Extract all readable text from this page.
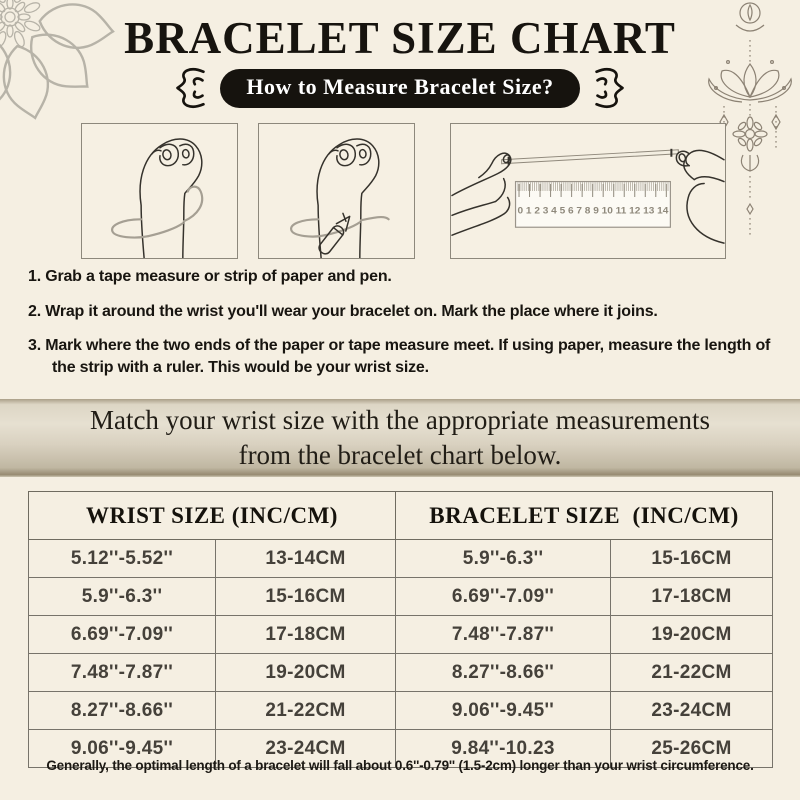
BRACELET SIZE CHART
How to Measure Bracelet Size?
0 1 2 3 4 5 6 7 8 9 10 11 12 13 14

1. Grab a tape measure or strip of paper and pen.

2. Wrap it around the wrist you'll wear your bracelet on. Mark the place where it joins.

3. Mark where the two ends of the paper or tape measure meet. If using paper, measure the length of the strip with a ruler. This would be your wrist size.

Match your wrist size with the appropriate measurements
from the bracelet chart below.
WRIST SIZE (INC/CM)		BRACELET SIZE  (INC/CM)	
5.12''-5.52''	13-14CM	5.9''-6.3''	15-16CM
5.9''-6.3''	15-16CM	6.69''-7.09''	17-18CM
6.69''-7.09''	17-18CM	7.48''-7.87''	19-20CM
7.48''-7.87''	19-20CM	8.27''-8.66''	21-22CM
8.27''-8.66''	21-22CM	9.06''-9.45''	23-24CM
9.06''-9.45''	23-24CM	9.84''-10.23	25-26CM
Generally, the optimal length of a bracelet will fall about 0.6''-0.79'' (1.5-2cm) longer than your wrist circumference.
